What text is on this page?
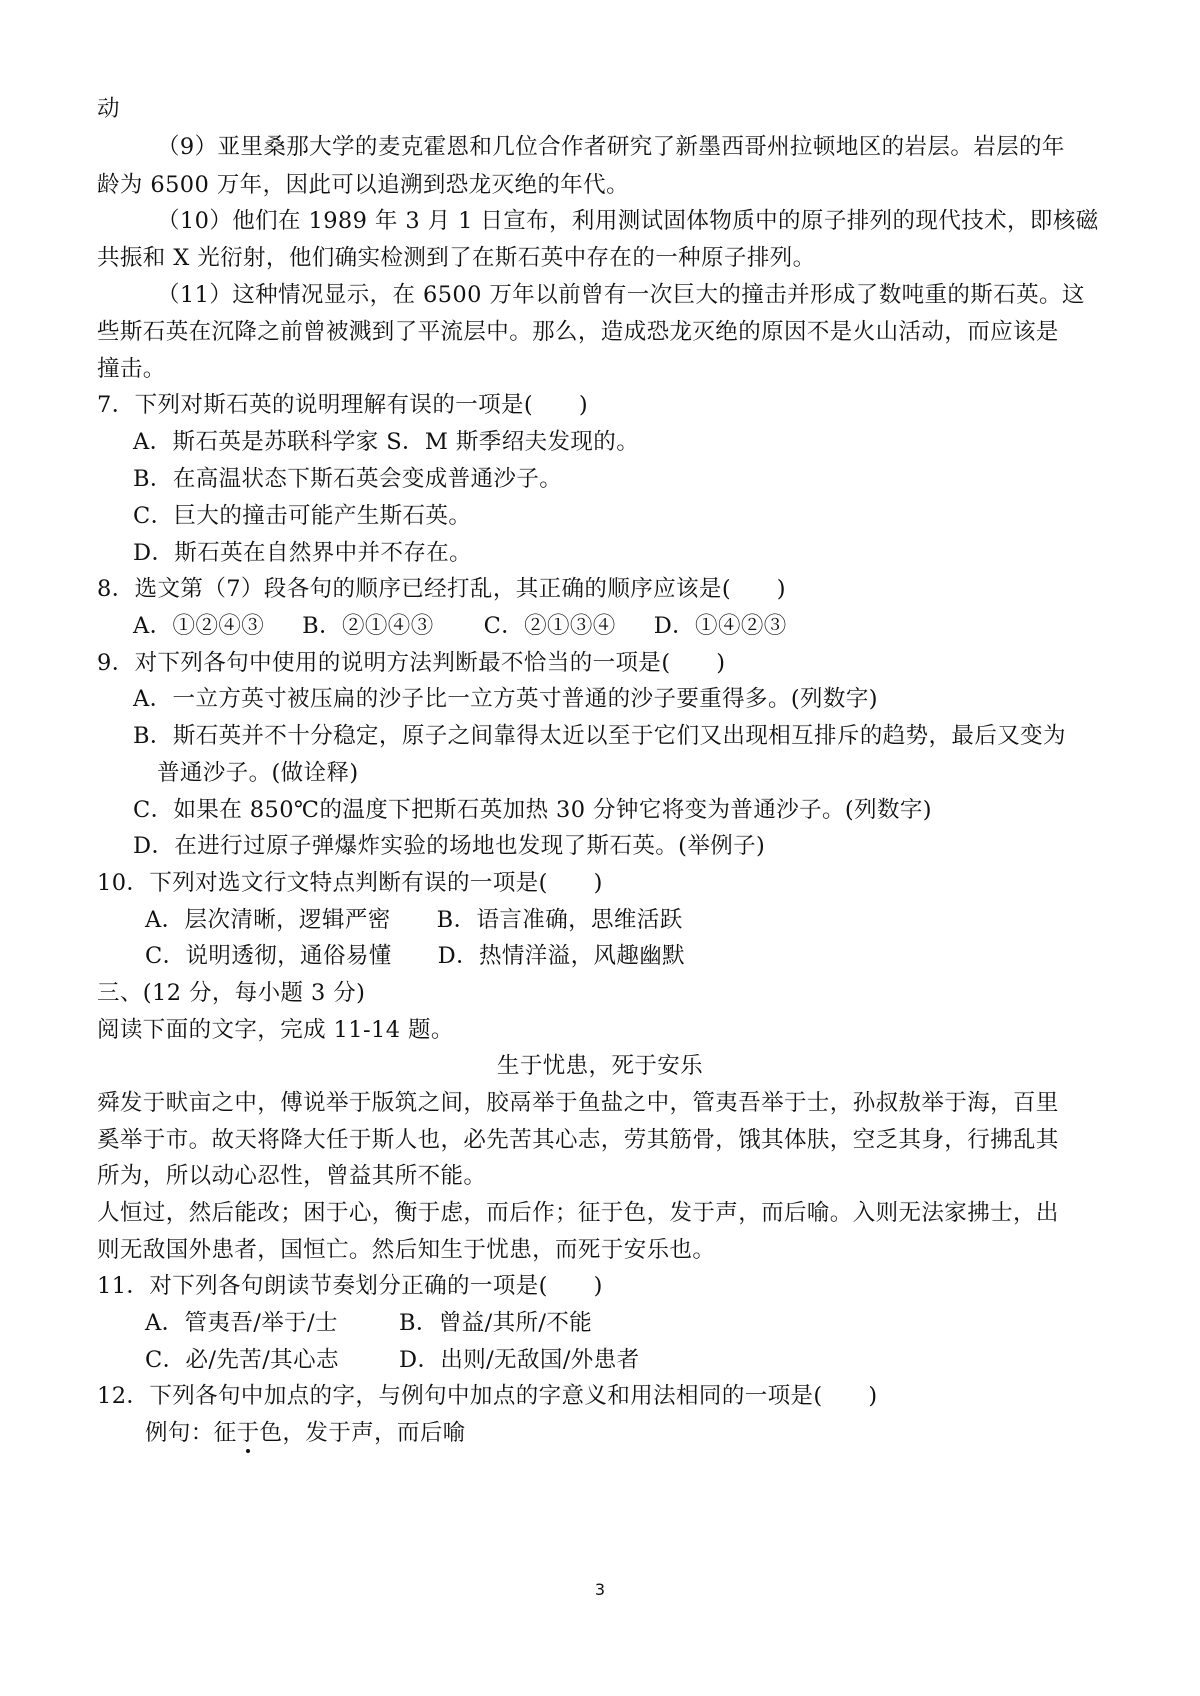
动
（9）亚里桑那大学的麦克霍恩和几位合作者研究了新墨西哥州拉顿地区的岩层。岩层的年
龄为 6500 万年，因此可以追溯到恐龙灭绝的年代。
（10）他们在 1989 年 3 月 1 日宣布，利用测试固体物质中的原子排列的现代技术，即核磁
共振和 X 光衍射，他们确实检测到了在斯石英中存在的一种原子排列。
（11）这种情况显示，在 6500 万年以前曾有一次巨大的撞击并形成了数吨重的斯石英。这
些斯石英在沉降之前曾被溅到了平流层中。那么，造成恐龙灭绝的原因不是火山活动，而应该是
撞击。
7．下列对斯石英的说明理解有误的一项是(　　)
A．斯石英是苏联科学家 S．M 斯季绍夫发现的。
B．在高温状态下斯石英会变成普通沙子。
C．巨大的撞击可能产生斯石英。
D．斯石英在自然界中并不存在。
8．选文第（7）段各句的顺序已经打乱，其正确的顺序应该是(　　)
A．①②④③ B．②①④③ C．②①③④ D．①④②③
9．对下列各句中使用的说明方法判断最不恰当的一项是(　　)
A．一立方英寸被压扁的沙子比一立方英寸普通的沙子要重得多。(列数字)
B．斯石英并不十分稳定，原子之间靠得太近以至于它们又出现相互排斥的趋势，最后又变为
普通沙子。(做诠释)
C．如果在 850℃的温度下把斯石英加热 30 分钟它将变为普通沙子。(列数字)
D．在进行过原子弹爆炸实验的场地也发现了斯石英。(举例子)
10．下列对选文行文特点判断有误的一项是(　　)
A．层次清晰，逻辑严密 B．语言准确，思维活跃
C．说明透彻，通俗易懂 D．热情洋溢，风趣幽默
三、(12 分，每小题 3 分)
阅读下面的文字，完成 11-14 题。
生于忧患，死于安乐
舜发于畎亩之中，傅说举于版筑之间，胶鬲举于鱼盐之中，管夷吾举于士，孙叔敖举于海，百里
奚举于市。故天将降大任于斯人也，必先苦其心志，劳其筋骨，饿其体肤，空乏其身，行拂乱其
所为，所以动心忍性，曾益其所不能。
人恒过，然后能改；困于心，衡于虑，而后作；征于色，发于声，而后喻。入则无法家拂士，出
则无敌国外患者，国恒亡。然后知生于忧患，而死于安乐也。
11．对下列各句朗读节奏划分正确的一项是(　　)
A．管夷吾/举于/士	B．曾益/其所/不能
C．必/先苦/其心志	D．出则/无敌国/外患者
12．下列各句中加点的字，与例句中加点的字意义和用法相同的一项是(　　)
例句：征于色，发于声，而后喻
3
